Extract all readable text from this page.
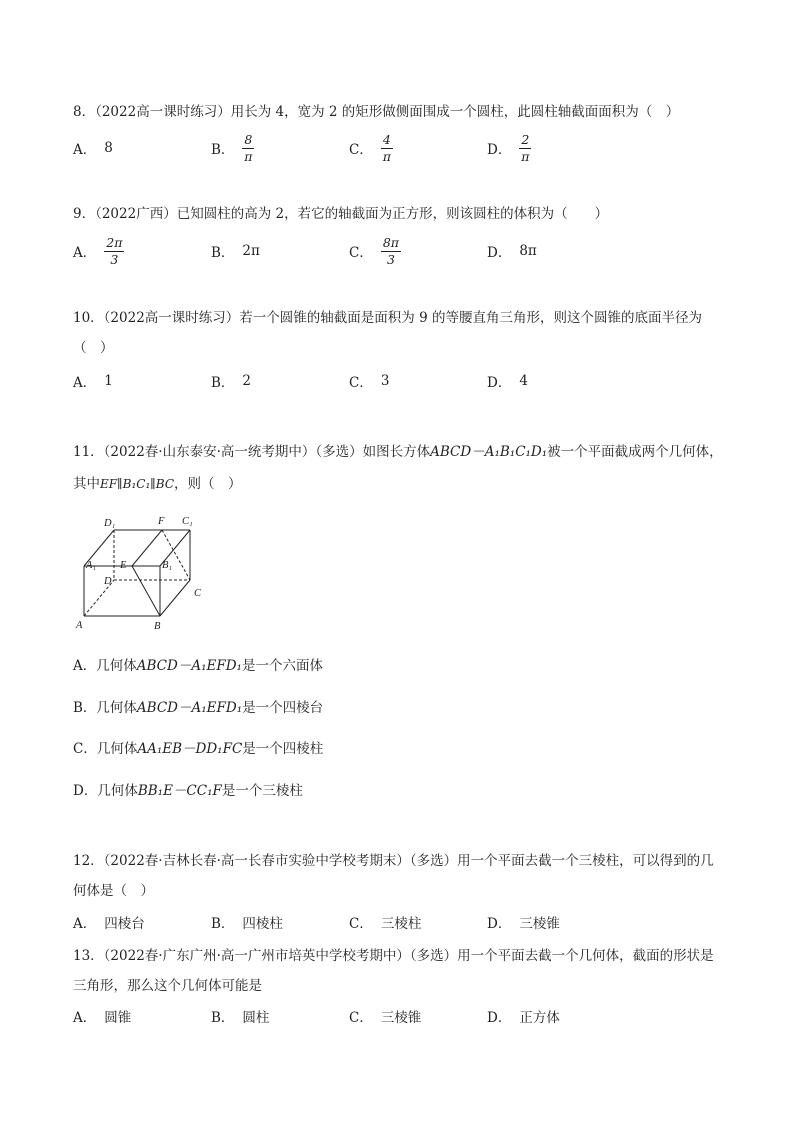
8．（2022高一课时练习）用长为 4，宽为 2 的矩形做侧面围成一个圆柱，此圆柱轴截面面积为（　）
A． 8	B． $\frac{8}{\pi}$	C． $\frac{4}{\pi}$	D． $\frac{2}{\pi}$
9．（2022广西）已知圆柱的高为 2，若它的轴截面为正方形，则该圆柱的体积为（　　）
A． $\frac{2\pi}{3}$	B． 2π	C． $\frac{8\pi}{3}$	D． 8π
10．（2022高一课时练习）若一个圆锥的轴截面是面积为 9 的等腰直角三角形，则这个圆锥的底面半径为（　）
A． 1	B． 2	C． 3	D． 4
11．（2022春·山东泰安·高一统考期中）（多选）如图长方体ABCD－A₁B₁C₁D₁被一个平面截成两个几何体，
其中EF∥B₁C₁∥BC，则（　）
D₁	F C₁
A₁ E	B₁
D
C
A	B
A．几何体ABCD－A₁EFD₁是一个六面体
B．几何体ABCD－A₁EFD₁是一个四棱台
C．几何体AA₁EB－DD₁FC是一个四棱柱
D．几何体BB₁E－CC₁F是一个三棱柱
12．（2022春·吉林长春·高一长春市实验中学校考期末）（多选）用一个平面去截一个三棱柱，可以得到的几何体是（　）
A． 四棱台	B． 四棱柱	C． 三棱柱	D． 三棱锥
13．（2022春·广东广州·高一广州市培英中学校考期中）（多选）用一个平面去截一个几何体，截面的形状是三角形，那么这个几何体可能是
A． 圆锥	B． 圆柱	C． 三棱锥	D． 正方体
